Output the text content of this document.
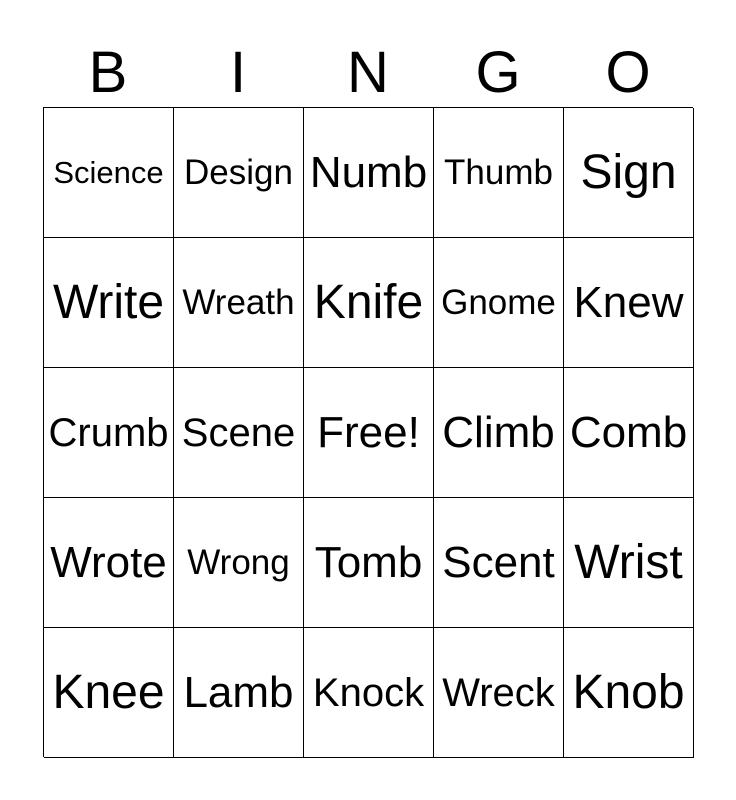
B	I	N	G	O
Science Design Numb Thumb Sign
Write Wreath Knife Gnome Knew
Crumb Scene Free! Climb Comb
Wrote Wrong Tomb Scent Wrist
Knee Lamb Knock Wreck Knob
